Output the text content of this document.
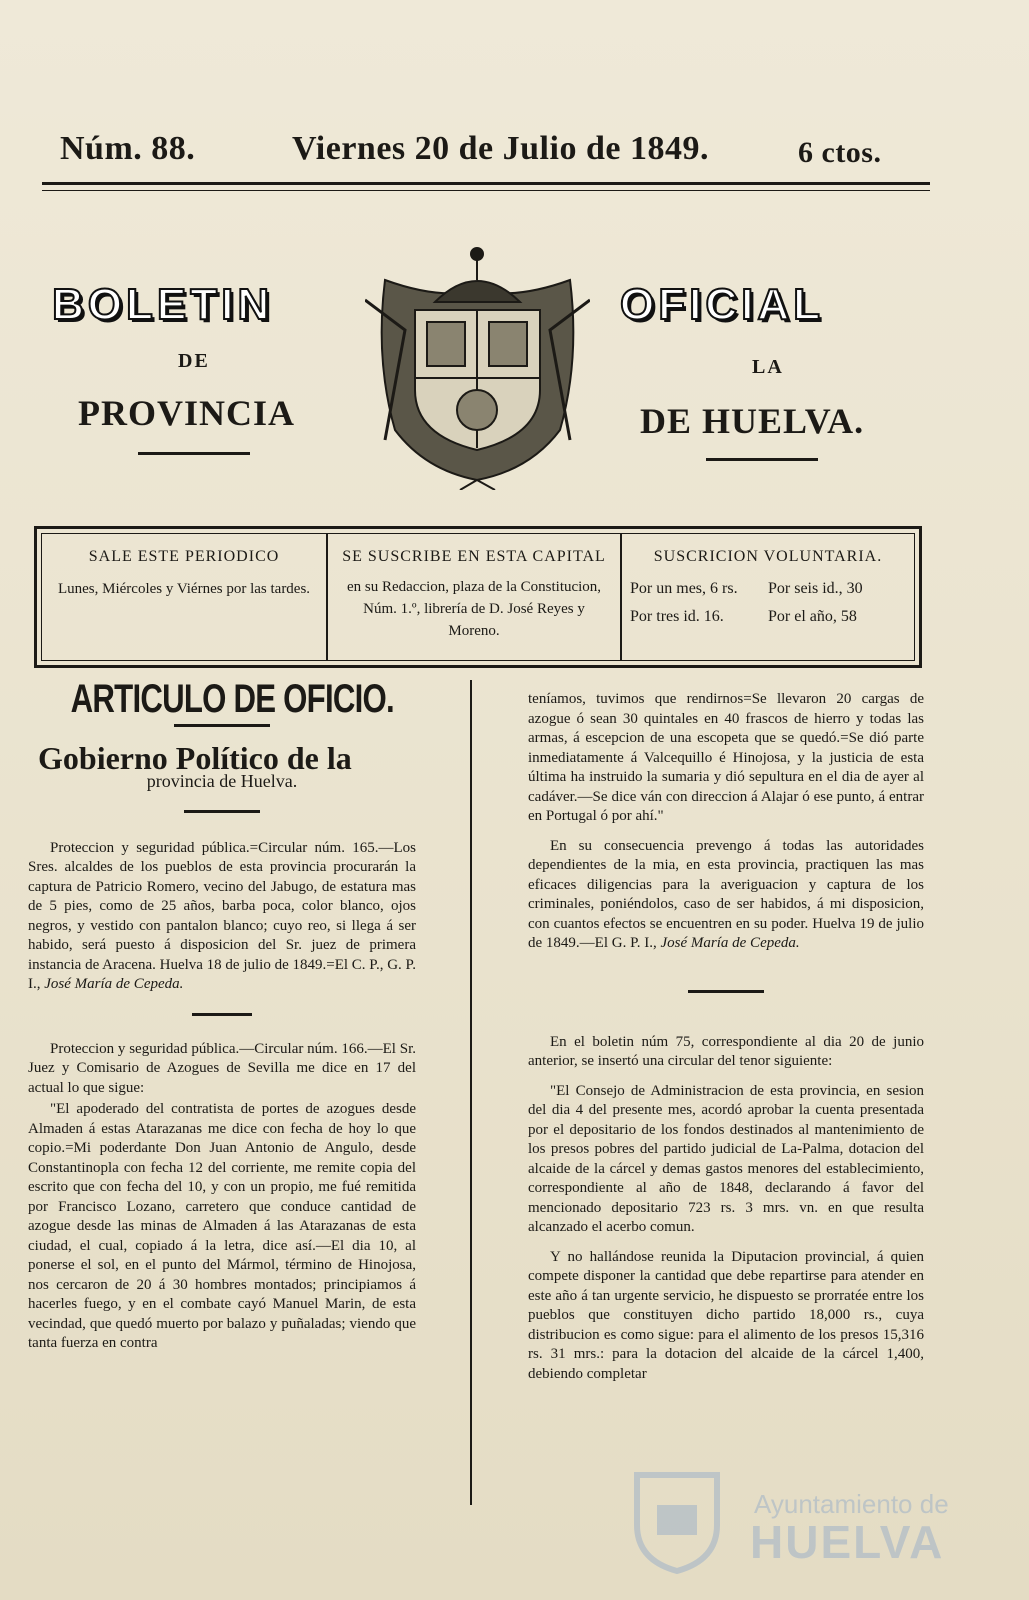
Núm. 88.	Viernes 20 de Julio de 1849.	6 ctos.
BOLETIN	OFICIAL
DE	LA
PROVINCIA	DE HUELVA.
SALE ESTE PERIODICO

Lunes, Miércoles y Viérnes por las tardes.

SE SUSCRIBE EN ESTA CAPITAL

en su Redaccion, plaza de la Constitucion, Núm. 1.º, librería de D. José Reyes y Moreno.

SUSCRICION VOLUNTARIA.
Por un mes, 6 rs.	Por seis id., 30
Por tres id. 16.	Por el año, 58
ARTICULO DE OFICIO.
Gobierno Político de la
provincia de Huelva.

Proteccion y seguridad pública.=Circular núm. 165.—Los Sres. alcaldes de los pueblos de esta provincia procurarán la captura de Patricio Romero, vecino del Jabugo, de estatura mas de 5 pies, como de 25 años, barba poca, color blanco, ojos negros, y vestido con pantalon blanco; cuyo reo, si llega á ser habido, será puesto á disposicion del Sr. juez de primera instancia de Aracena. Huelva 18 de julio de 1849.=El C. P., G. P. I., José María de Cepeda.

Proteccion y seguridad pública.—Circular núm. 166.—El Sr. Juez y Comisario de Azogues de Sevilla me dice en 17 del actual lo que sigue:

"El apoderado del contratista de portes de azogues desde Almaden á estas Atarazanas me dice con fecha de hoy lo que copio.=Mi poderdante Don Juan Antonio de Angulo, desde Constantinopla con fecha 12 del corriente, me remite copia del escrito que con fecha del 10, y con un propio, me fué remitida por Francisco Lozano, carretero que conduce cantidad de azogue desde las minas de Almaden á las Atarazanas de esta ciudad, el cual, copiado á la letra, dice así.—El dia 10, al ponerse el sol, en el punto del Mármol, término de Hinojosa, nos cercaron de 20 á 30 hombres montados; principiamos á hacerles fuego, y en el combate cayó Manuel Marin, de esta vecindad, que quedó muerto por balazo y puñaladas; viendo que tanta fuerza en contra

teníamos, tuvimos que rendirnos=Se llevaron 20 cargas de azogue ó sean 30 quintales en 40 frascos de hierro y todas las armas, á escepcion de una escopeta que se quedó.=Se dió parte inmediatamente á Valcequillo é Hinojosa, y la justicia de esta última ha instruido la sumaria y dió sepultura en el dia de ayer al cadáver.—Se dice ván con direccion á Alajar ó ese punto, á entrar en Portugal ó por ahí."

En su consecuencia prevengo á todas las autoridades dependientes de la mia, en esta provincia, practiquen las mas eficaces diligencias para la averiguacion y captura de los criminales, poniéndolos, caso de ser habidos, á mi disposicion, con cuantos efectos se encuentren en su poder. Huelva 19 de julio de 1849.—El G. P. I., José María de Cepeda.

En el boletin núm 75, correspondiente al dia 20 de junio anterior, se insertó una circular del tenor siguiente:

"El Consejo de Administracion de esta provincia, en sesion del dia 4 del presente mes, acordó aprobar la cuenta presentada por el depositario de los fondos destinados al mantenimiento de los presos pobres del partido judicial de La-Palma, dotacion del alcaide de la cárcel y demas gastos menores del establecimiento, correspondiente al año de 1848, declarando á favor del mencionado depositario 723 rs. 3 mrs. vn. en que resulta alcanzado el acerbo comun.

Y no hallándose reunida la Diputacion provincial, á quien compete disponer la cantidad que debe repartirse para atender en este año á tan urgente servicio, he dispuesto se prorratée entre los pueblos que constituyen dicho partido 18,000 rs., cuya distribucion es como sigue: para el alimento de los presos 15,316 rs. 31 mrs.: para la dotacion del alcaide de la cárcel 1,400, debiendo completar

Ayuntamiento de
HUELVA
